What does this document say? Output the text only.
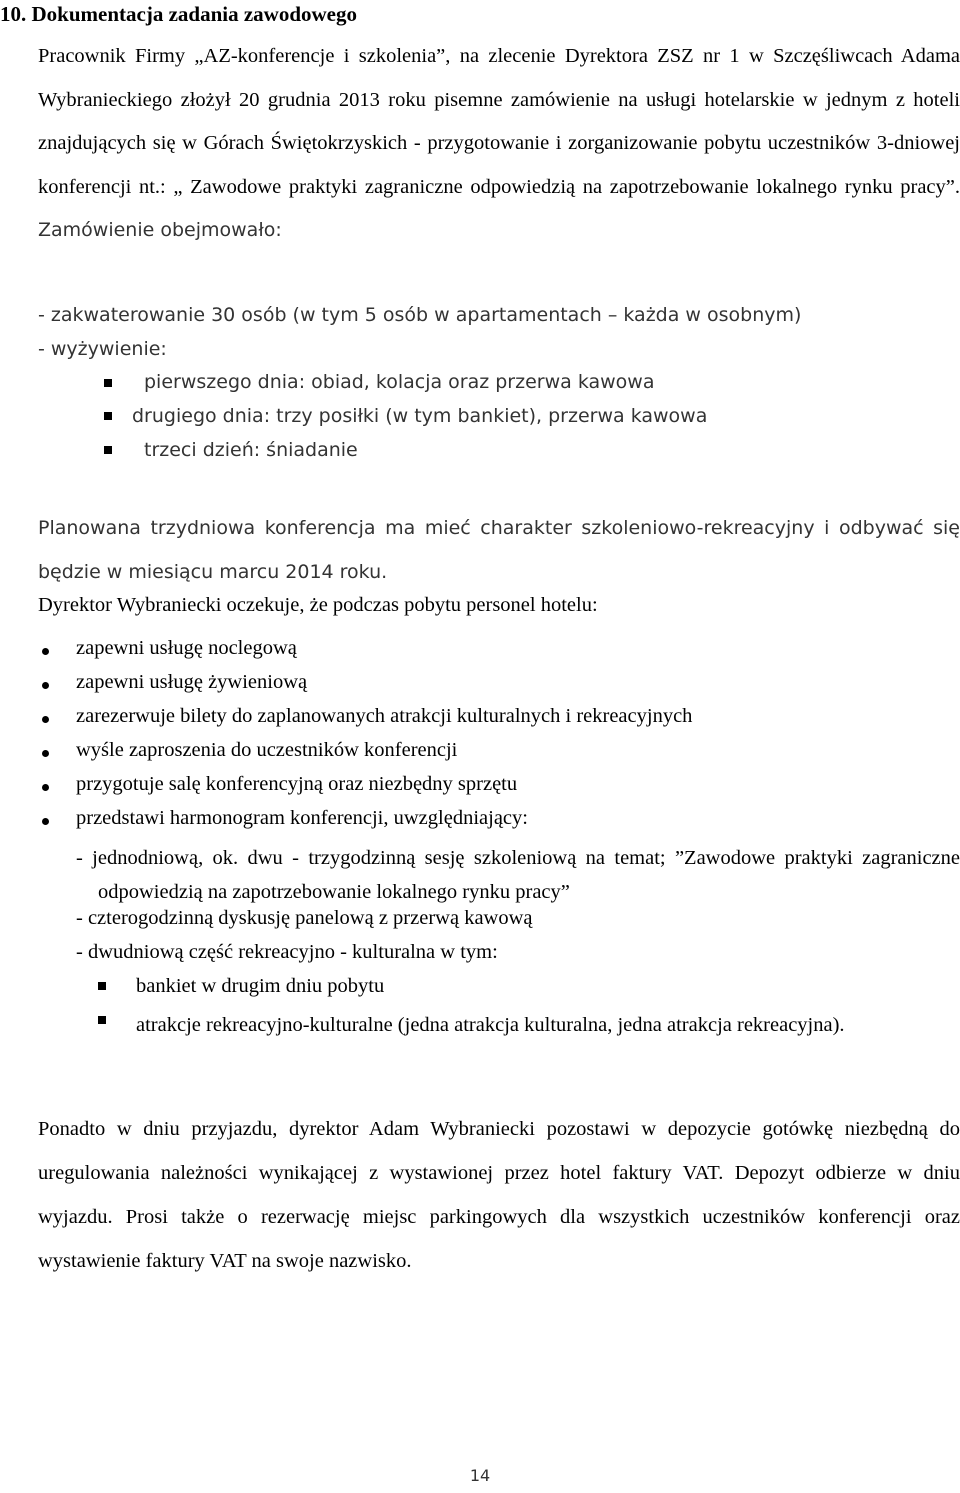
10. Dokumentacja zadania zawodowego
Pracownik Firmy „AZ-konferencje i szkolenia”, na zlecenie Dyrektora ZSZ nr 1 w Szczęśliwcach Adama Wybranieckiego złożył 20 grudnia 2013 roku pisemne zamówienie na usługi hotelarskie w jednym z hoteli znajdujących się w Górach Świętokrzyskich - przygotowanie i zorganizowanie pobytu uczestników 3-dniowej konferencji nt.: „ Zawodowe praktyki zagraniczne odpowiedzią na zapotrzebowanie lokalnego rynku pracy”. Zamówienie obejmowało:
- zakwaterowanie 30 osób (w tym 5 osób w apartamentach – każda w osobnym)
- wyżywienie:
pierwszego dnia: obiad, kolacja oraz przerwa kawowa
drugiego dnia: trzy posiłki (w tym bankiet), przerwa kawowa
trzeci dzień: śniadanie
Planowana trzydniowa konferencja ma mieć charakter szkoleniowo-rekreacyjny i odbywać się będzie w miesiącu marcu 2014 roku.
Dyrektor Wybraniecki oczekuje, że podczas pobytu personel hotelu:
zapewni usługę noclegową
zapewni usługę żywieniową
zarezerwuje bilety do zaplanowanych atrakcji kulturalnych i rekreacyjnych
wyśle zaproszenia do uczestników konferencji
przygotuje salę konferencyjną oraz niezbędny sprzętu
przedstawi harmonogram konferencji, uwzględniający:
- jednodniową, ok. dwu - trzygodzinną sesję szkoleniową na temat; ”Zawodowe praktyki zagraniczne odpowiedzią na zapotrzebowanie lokalnego rynku pracy”
- czterogodzinną dyskusję panelową z przerwą kawową
- dwudniową część rekreacyjno - kulturalna w tym:
bankiet w drugim dniu pobytu
atrakcje rekreacyjno-kulturalne (jedna atrakcja kulturalna, jedna atrakcja rekreacyjna).
Ponadto w dniu przyjazdu, dyrektor Adam Wybraniecki pozostawi w depozycie gotówkę niezbędną do uregulowania należności wynikającej z wystawionej przez hotel faktury VAT. Depozyt odbierze w dniu wyjazdu. Prosi także o rezerwację miejsc parkingowych dla wszystkich uczestników konferencji oraz wystawienie faktury VAT na swoje nazwisko.
14
